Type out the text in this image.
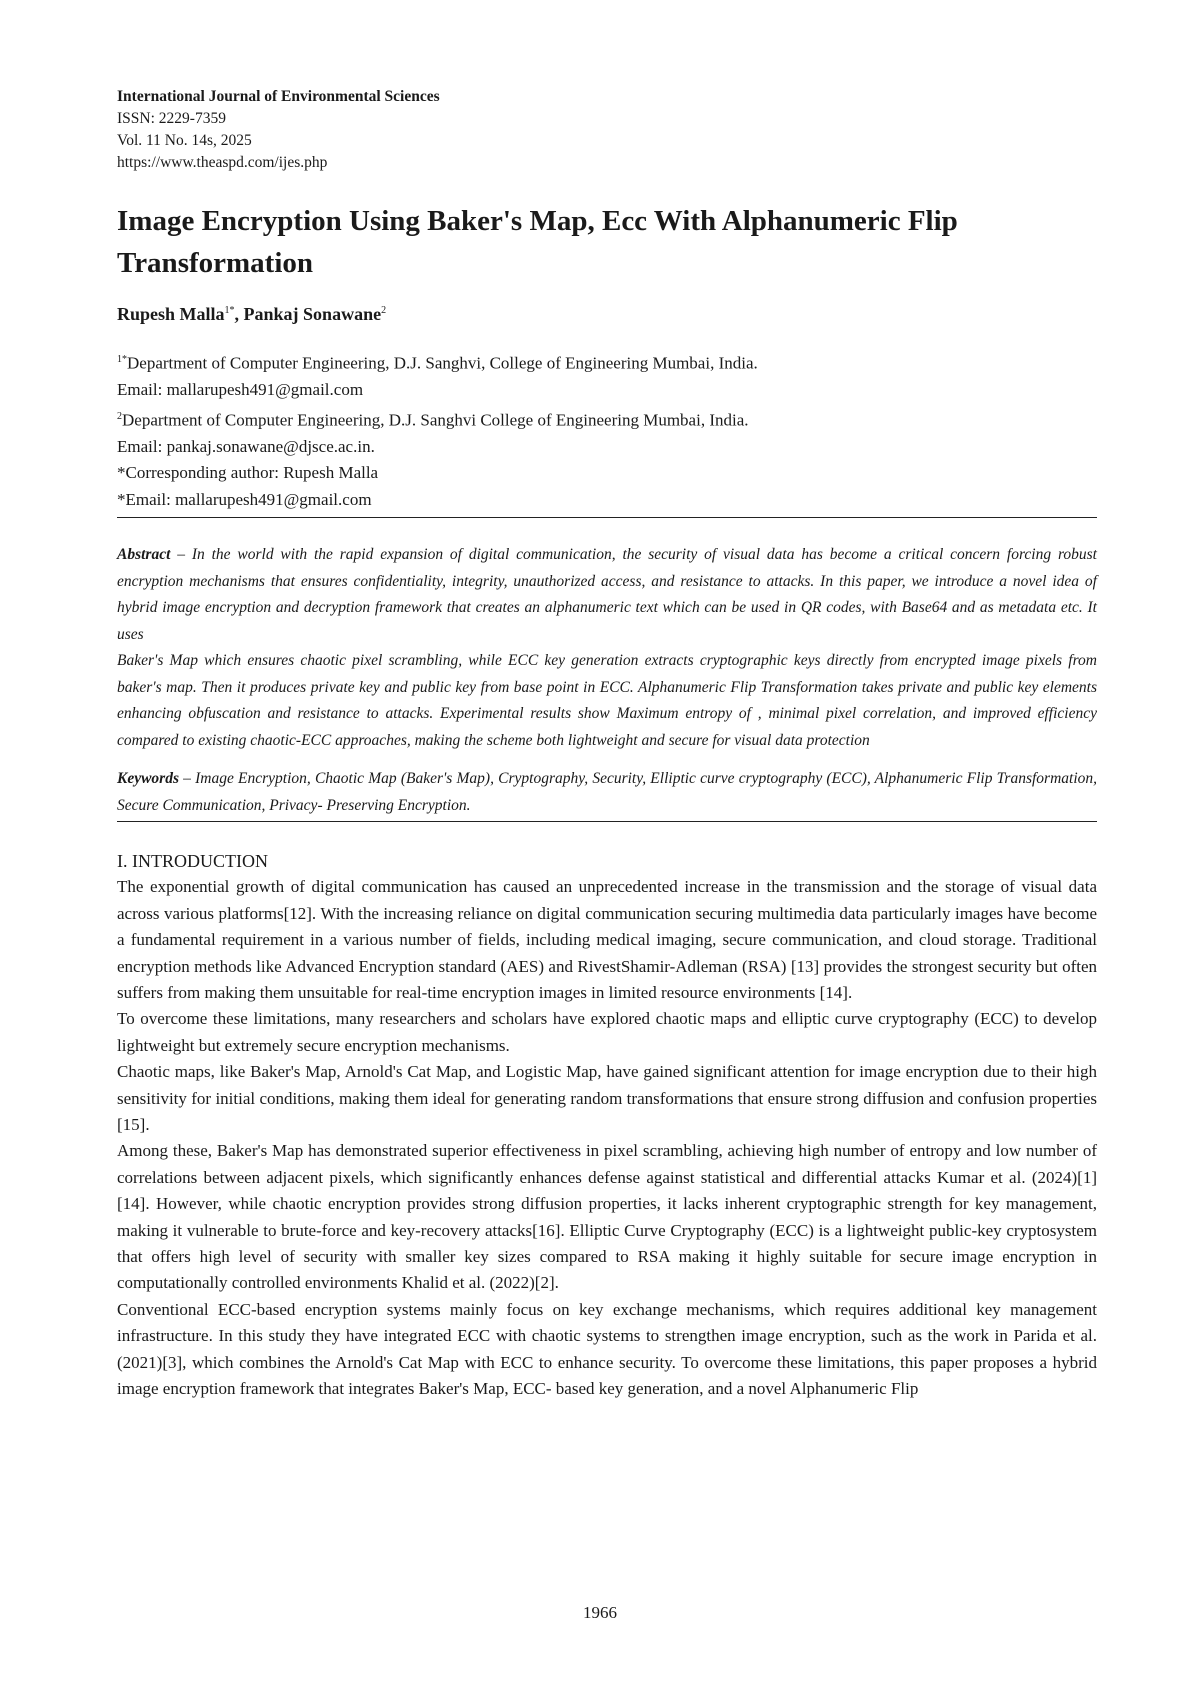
International Journal of Environmental Sciences
ISSN: 2229-7359
Vol. 11 No. 14s, 2025
https://www.theaspd.com/ijes.php
Image Encryption Using Baker's Map, Ecc With Alphanumeric Flip Transformation
Rupesh Malla$^{1*}$, Pankaj Sonawane$^2$
$^{1*}$Department of Computer Engineering, D.J. Sanghvi, College of Engineering Mumbai, India.
Email: mallarupesh491@gmail.com
$^2$Department of Computer Engineering, D.J. Sanghvi College of Engineering Mumbai, India.
Email: pankaj.sonawane@djsce.ac.in.
*Corresponding author: Rupesh Malla
*Email: mallarupesh491@gmail.com

Abstract – In the world with the rapid expansion of digital communication, the security of visual data has become a critical concern forcing robust encryption mechanisms that ensures confidentiality, integrity, unauthorized access, and resistance to attacks. In this paper, we introduce a novel idea of hybrid image encryption and decryption framework that creates an alphanumeric text which can be used in QR codes, with Base64 and as metadata etc. It uses

Baker's Map which ensures chaotic pixel scrambling, while ECC key generation extracts cryptographic keys directly from encrypted image pixels from baker's map. Then it produces private key and public key from base point in ECC. Alphanumeric Flip Transformation takes private and public key elements enhancing obfuscation and resistance to attacks. Experimental results show Maximum entropy of , minimal pixel correlation, and improved efficiency compared to existing chaotic-ECC approaches, making the scheme both lightweight and secure for visual data protection

Keywords – Image Encryption, Chaotic Map (Baker's Map), Cryptography, Security, Elliptic curve cryptography (ECC), Alphanumeric Flip Transformation, Secure Communication, Privacy- Preserving Encryption.
I. INTRODUCTION

The exponential growth of digital communication has caused an unprecedented increase in the transmission and the storage of visual data across various platforms[12]. With the increasing reliance on digital communication securing multimedia data particularly images have become a fundamental requirement in a various number of fields, including medical imaging, secure communication, and cloud storage. Traditional encryption methods like Advanced Encryption standard (AES) and RivestShamir-Adleman (RSA) [13] provides the strongest security but often suffers from making them unsuitable for real-time encryption images in limited resource environments [14].

To overcome these limitations, many researchers and scholars have explored chaotic maps and elliptic curve cryptography (ECC) to develop lightweight but extremely secure encryption mechanisms.

Chaotic maps, like Baker's Map, Arnold's Cat Map, and Logistic Map, have gained significant attention for image encryption due to their high sensitivity for initial conditions, making them ideal for generating random transformations that ensure strong diffusion and confusion properties [15].

Among these, Baker's Map has demonstrated superior effectiveness in pixel scrambling, achieving high number of entropy and low number of correlations between adjacent pixels, which significantly enhances defense against statistical and differential attacks Kumar et al. (2024)[1][14]. However, while chaotic encryption provides strong diffusion properties, it lacks inherent cryptographic strength for key management, making it vulnerable to brute-force and key-recovery attacks[16]. Elliptic Curve Cryptography (ECC) is a lightweight public-key cryptosystem that offers high level of security with smaller key sizes compared to RSA making it highly suitable for secure image encryption in computationally controlled environments Khalid et al. (2022)[2].

Conventional ECC-based encryption systems mainly focus on key exchange mechanisms, which requires additional key management infrastructure. In this study they have integrated ECC with chaotic systems to strengthen image encryption, such as the work in Parida et al. (2021)[3], which combines the Arnold's Cat Map with ECC to enhance security. To overcome these limitations, this paper proposes a hybrid image encryption framework that integrates Baker's Map, ECC- based key generation, and a novel Alphanumeric Flip

1966
